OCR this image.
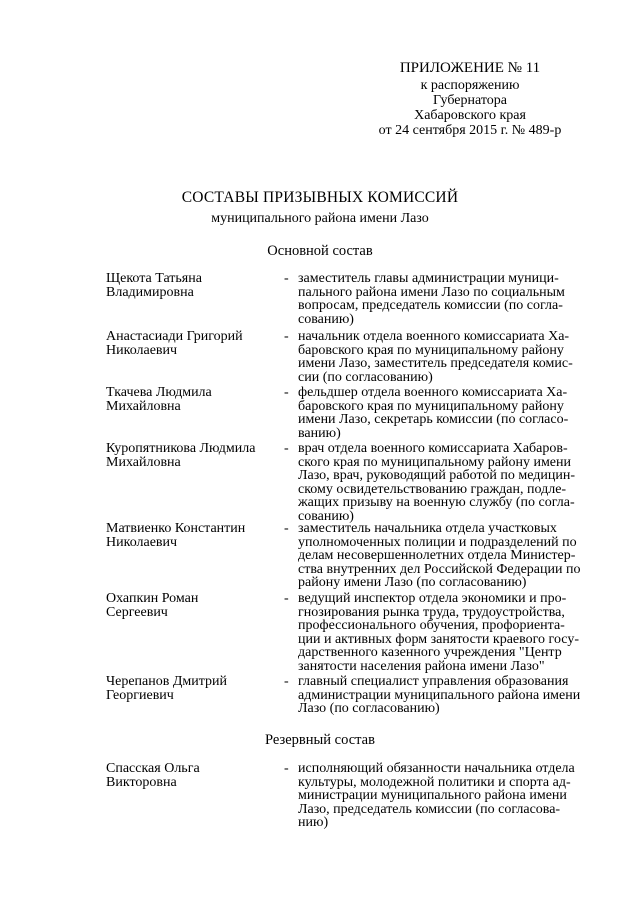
ПРИЛОЖЕНИЕ № 11
к распоряжению
Губернатора
Хабаровского края
от 24 сентября 2015 г. № 489-р
СОСТАВЫ ПРИЗЫВНЫХ КОМИССИЙ
муниципального района имени Лазо
Основной состав
Щекота Татьяна
Владимировна
- заместитель главы администрации муници-
пального района имени Лазо по социальным
вопросам, председатель комиссии (по согла-
сованию)
Анастасиади Григорий
Николаевич
- начальник отдела военного комиссариата Ха-
баровского края по муниципальному району
имени Лазо, заместитель председателя комис-
сии (по согласованию)
Ткачева Людмила
Михайловна
- фельдшер отдела военного комиссариата Ха-
баровского края по муниципальному району
имени Лазо, секретарь комиссии (по согласо-
ванию)
Куропятникова Людмила
Михайловна
- врач отдела военного комиссариата Хабаров-
ского края по муниципальному району имени
Лазо, врач, руководящий работой по медицин-
скому освидетельствованию граждан, подле-
жащих призыву на военную службу (по согла-
сованию)
Матвиенко Константин
Николаевич
- заместитель начальника отдела участковых
уполномоченных полиции и подразделений по
делам несовершеннолетних отдела Министер-
ства внутренних дел Российской Федерации по
району имени Лазо (по согласованию)
Охапкин Роман
Сергеевич
- ведущий инспектор отдела экономики и про-
гнозирования рынка труда, трудоустройства,
профессионального обучения, профориента-
ции и активных форм занятости краевого госу-
дарственного казенного учреждения "Центр
занятости населения района имени Лазо"
Черепанов Дмитрий
Георгиевич
- главный специалист управления образования
администрации муниципального района имени
Лазо (по согласованию)
Резервный состав
Спасская Ольга
Викторовна
- исполняющий обязанности начальника отдела
культуры, молодежной политики и спорта ад-
министрации муниципального района имени
Лазо, председатель комиссии (по согласова-
нию)
